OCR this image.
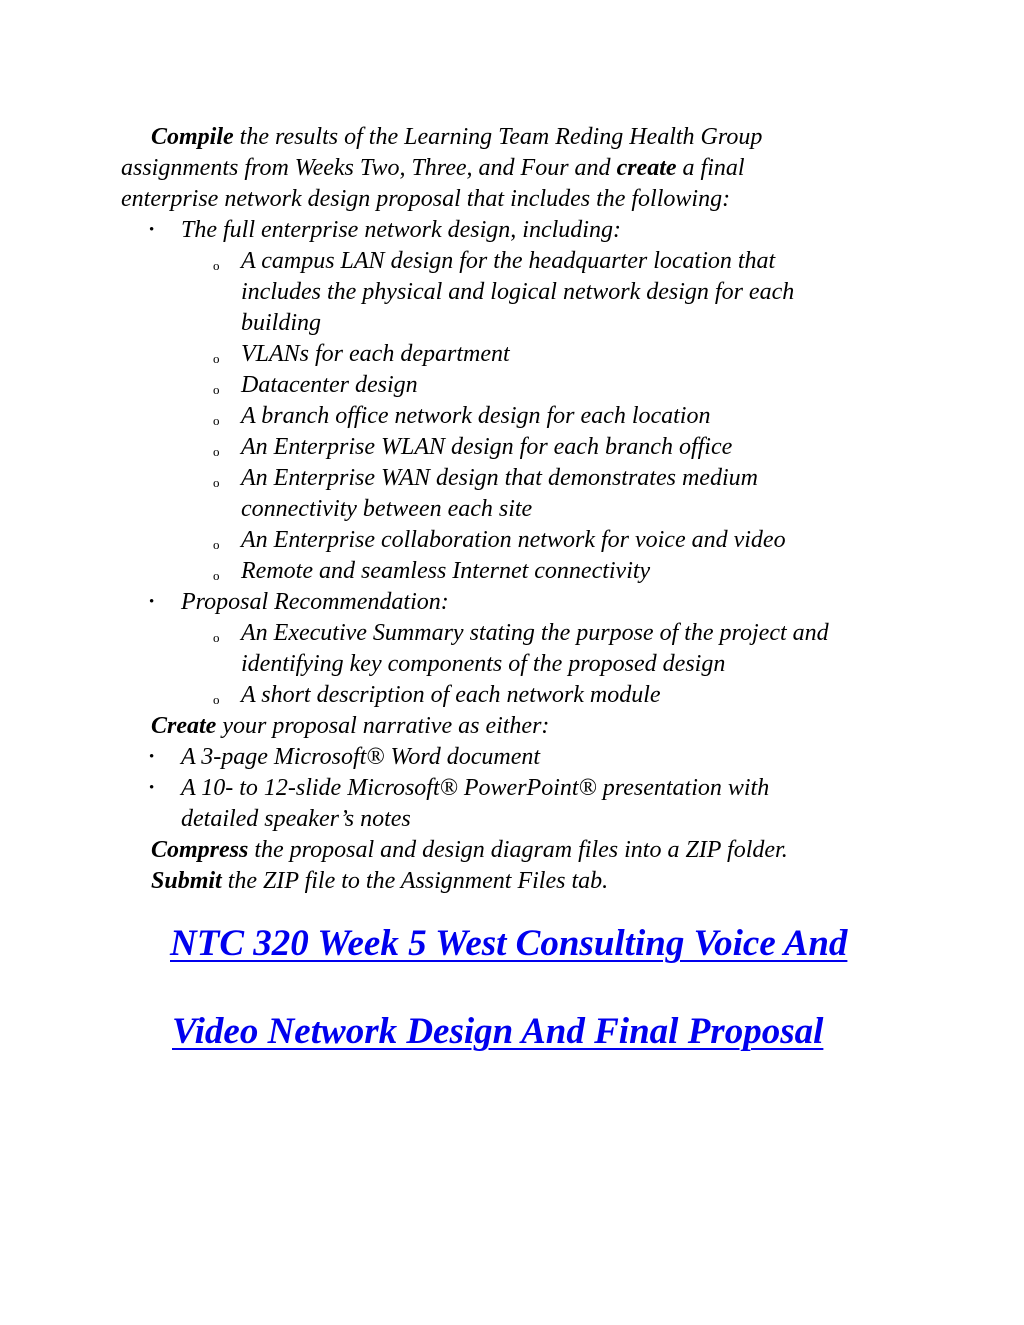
Compile the results of the Learning Team Reding Health Group
assignments from Weeks Two, Three, and Four and create a final
enterprise network design proposal that includes the following:
• The full enterprise network design, including:
o A campus LAN design for the headquarter location that
includes the physical and logical network design for each
building
o VLANs for each department
o Datacenter design
o A branch office network design for each location
o An Enterprise WLAN design for each branch office
o An Enterprise WAN design that demonstrates medium
connectivity between each site
o An Enterprise collaboration network for voice and video
o Remote and seamless Internet connectivity
• Proposal Recommendation:
o An Executive Summary stating the purpose of the project and
identifying key components of the proposed design
o A short description of each network module
Create your proposal narrative as either:
• A 3-page Microsoft® Word document
• A 10- to 12-slide Microsoft® PowerPoint® presentation with
detailed speaker’s notes
Compress the proposal and design diagram files into a ZIP folder.
Submit the ZIP file to the Assignment Files tab.
NTC 320 Week 5 West Consulting Voice And
Video Network Design And Final Proposal
